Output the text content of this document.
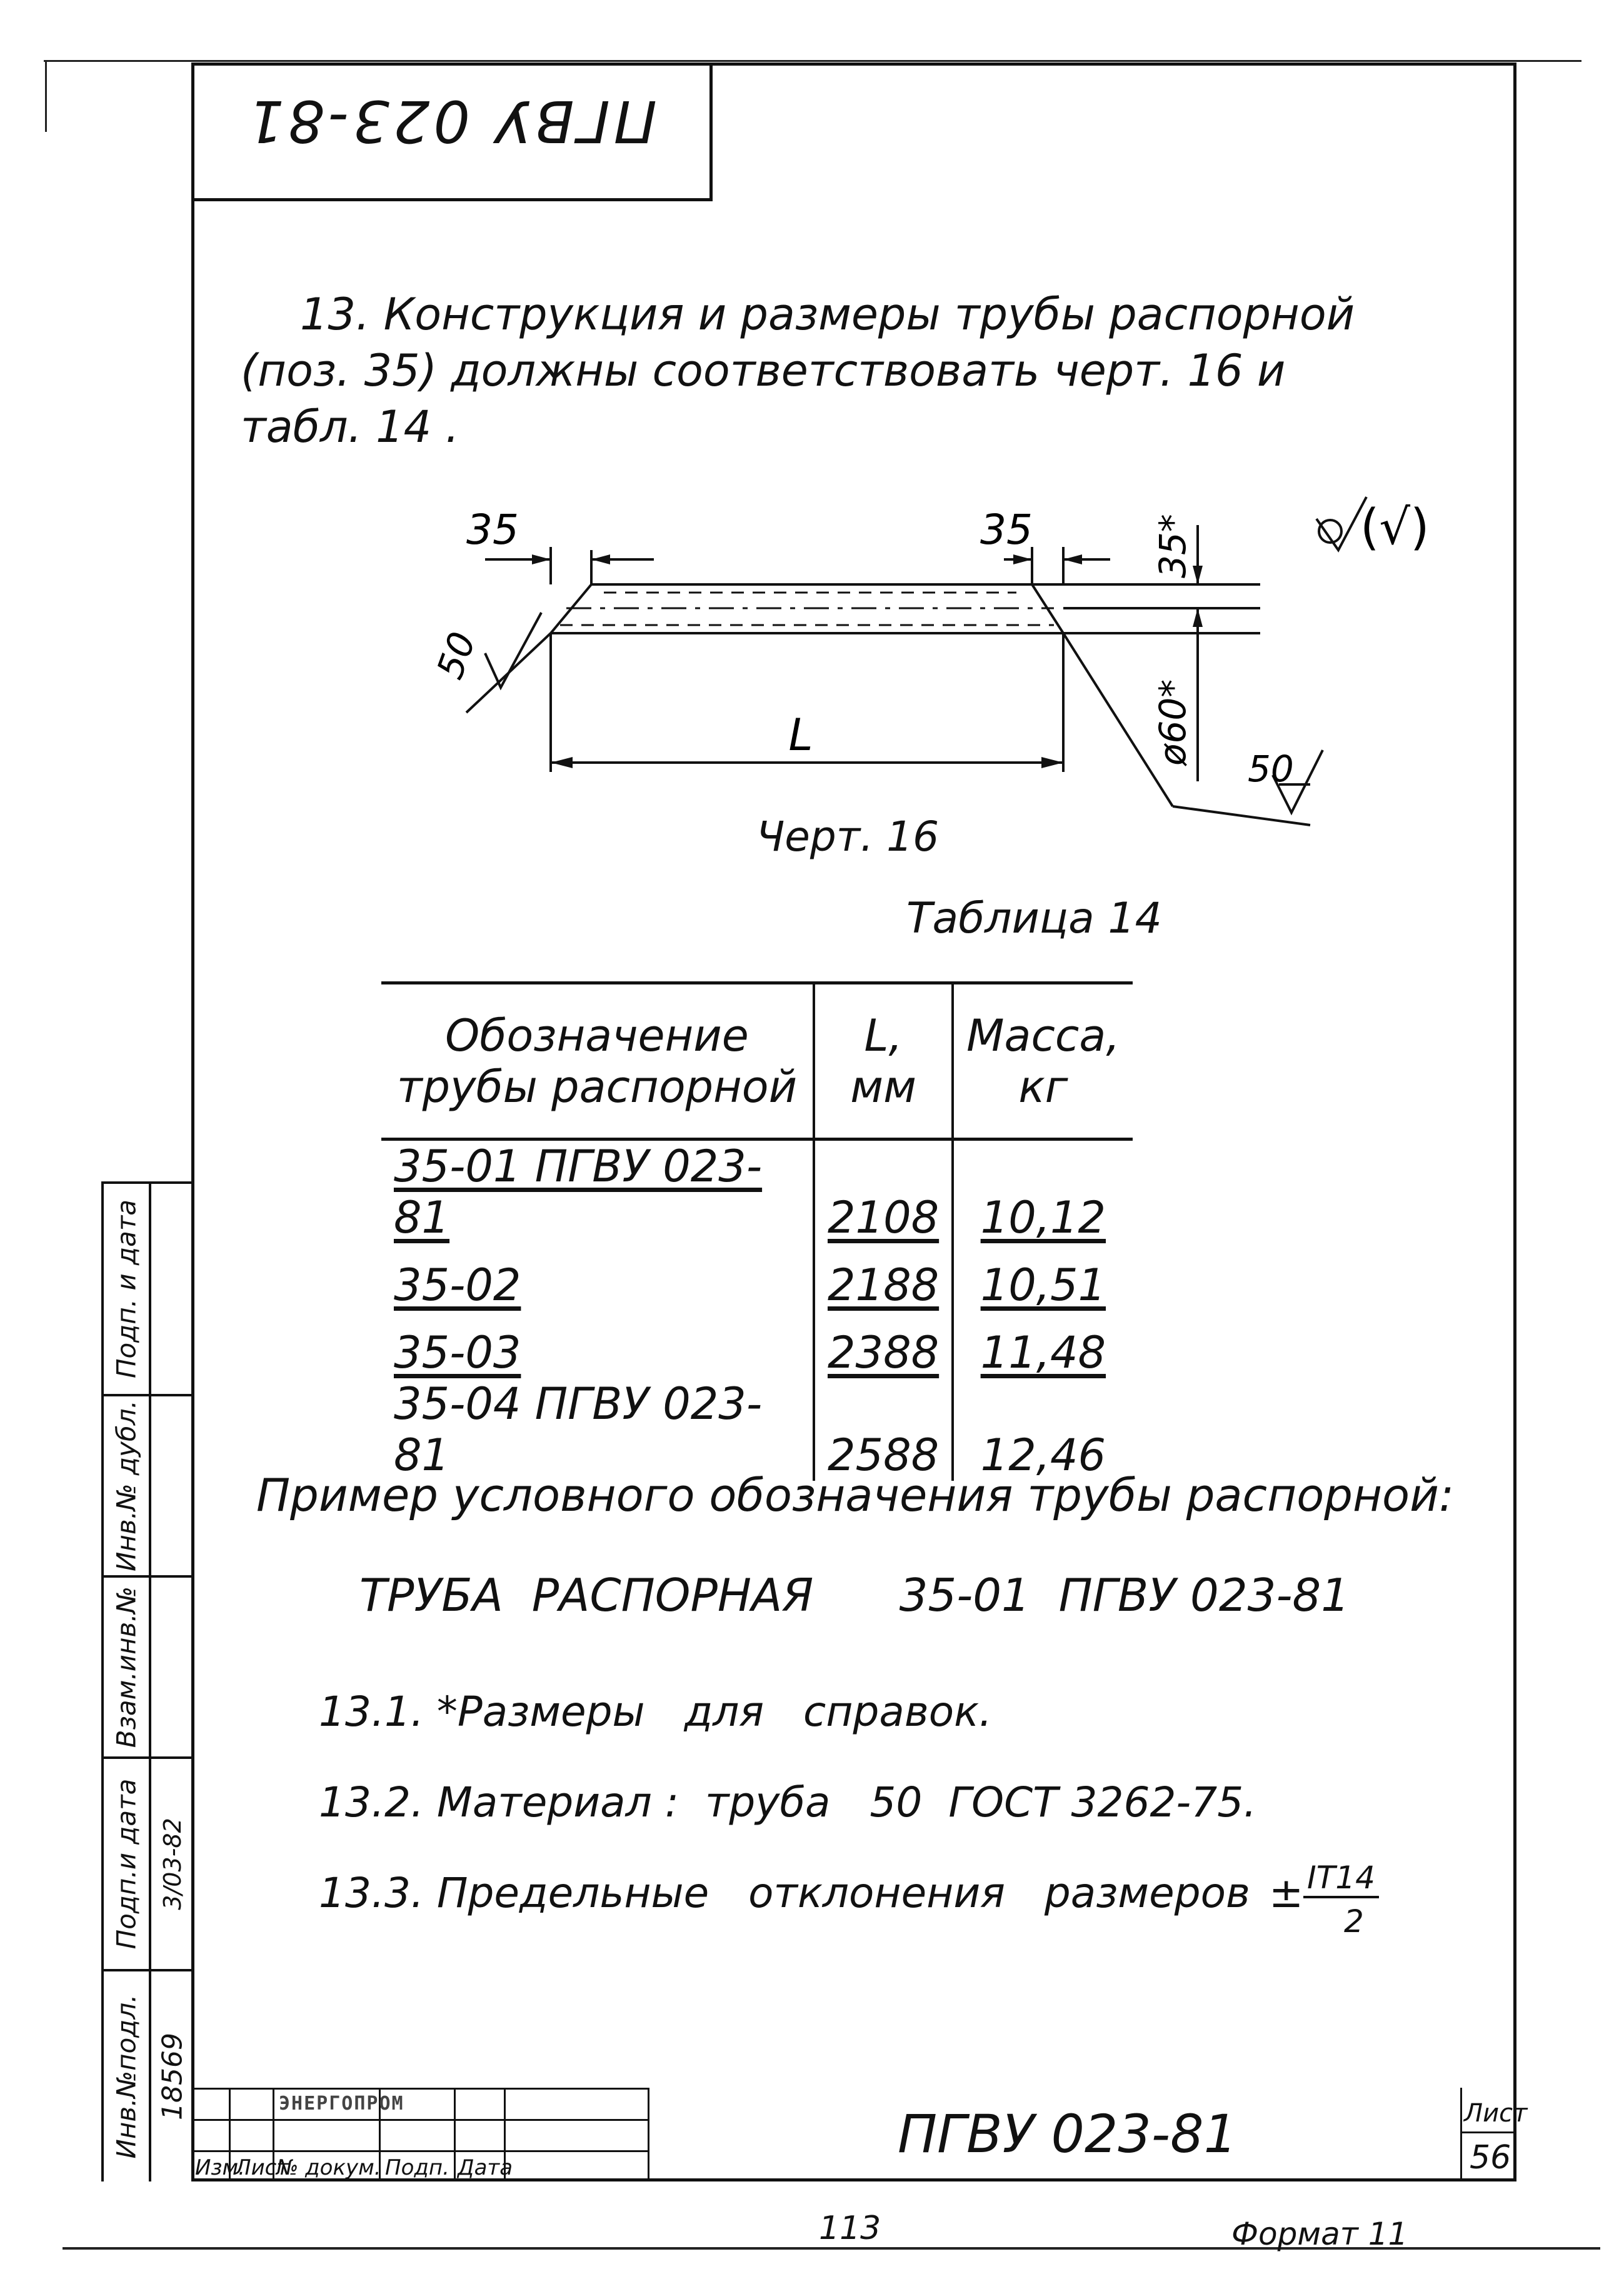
ПГВУ 023-81
13. Конструкция и размеры трубы распорной
(поз. 35) должны соответствовать черт. 16 и
табл. 14 .
35	35	35*
ø60*
50
50
(√)
L
Черт. 16
Таблица 14
Обозначение трубы распорной	L, мм	Масса, кг
35-01 ПГВУ 023-81	2108	10,12
35-02	2188	10,51
35-03	2388	11,48
35-04 ПГВУ 023-81	2588	12,46
Пример условного обозначения трубы распорной:
ТРУБА  РАСПОРНАЯ      35-01  ПГВУ 023-81
13.1. *Размеры   для   справок.
13.2. Материал :  труба   50  ГОСТ 3262-75.
13.3. Предельные   отклонения   размеров ± IT14
2
Подп. и дата
Инв.№ дубл.
Взам.инв.№
Подп.и дата 3/03-82
Инв.№подл. 18569
Изм.
Лист
№ докум. Подп. Дата
ЭНЕРГОПРОМ	ПГВУ 023-81	Лист
56
113	Формат 11
